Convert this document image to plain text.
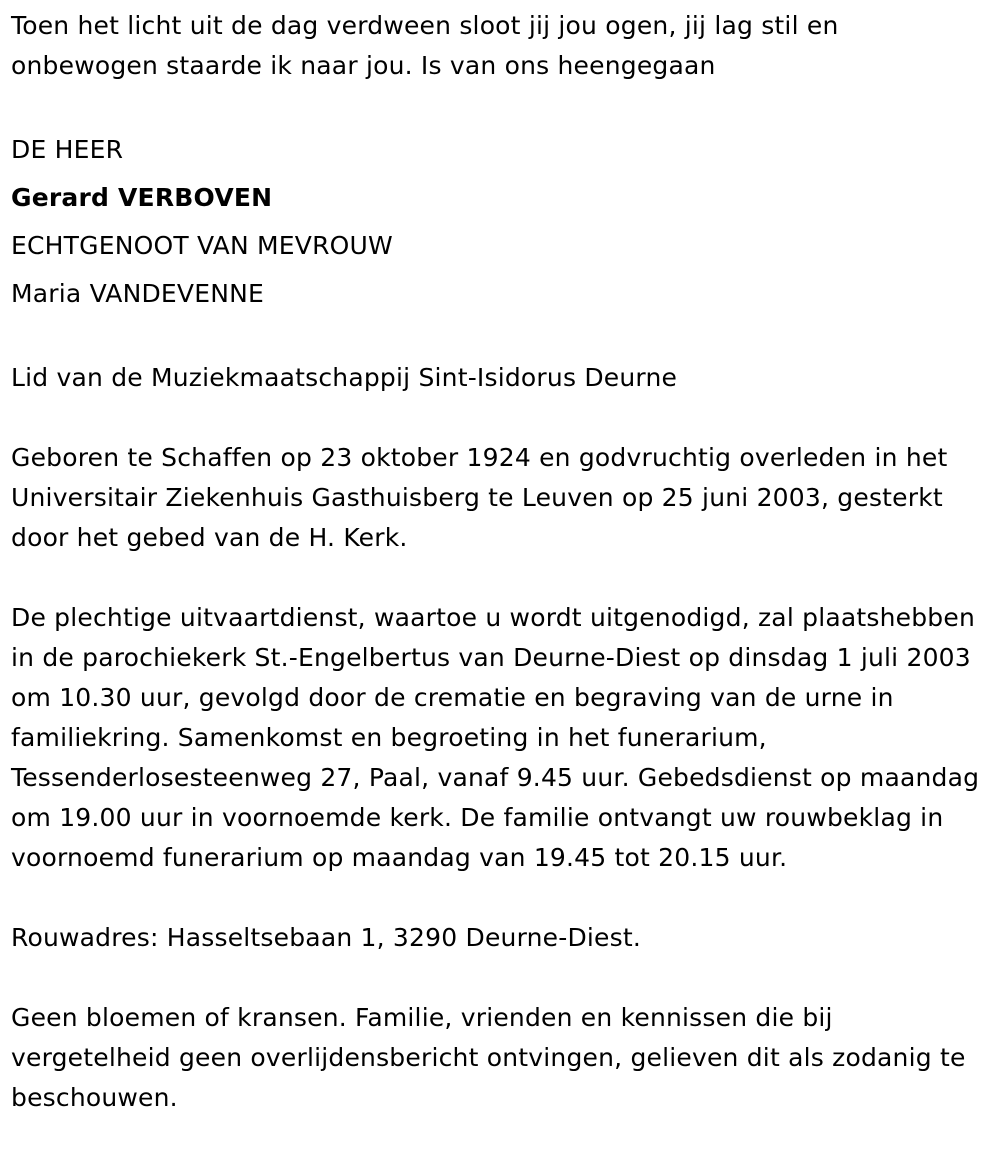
Toen het licht uit de dag verdween sloot jij jou ogen, jij lag stil en onbewogen staarde ik naar jou. Is van ons heengegaan

DE HEER

Gerard VERBOVEN

ECHTGENOOT VAN MEVROUW

Maria VANDEVENNE

Lid van de Muziekmaatschappij Sint-Isidorus Deurne

Geboren te Schaffen op 23 oktober 1924 en godvruchtig overleden in het Universitair Ziekenhuis Gasthuisberg te Leuven op 25 juni 2003, gesterkt door het gebed van de H. Kerk.

De plechtige uitvaartdienst, waartoe u wordt uitgenodigd, zal plaatshebben in de parochiekerk St.-Engelbertus van Deurne-Diest op dinsdag 1 juli 2003 om 10.30 uur, gevolgd door de crematie en begraving van de urne in familiekring. Samenkomst en begroeting in het funerarium, Tessenderlosesteenweg 27, Paal, vanaf 9.45 uur. Gebedsdienst op maandag om 19.00 uur in voornoemde kerk. De familie ontvangt uw rouwbeklag in voornoemd funerarium op maandag van 19.45 tot 20.15 uur.

Rouwadres: Hasseltsebaan 1, 3290 Deurne-Diest.

Geen bloemen of kransen. Familie, vrienden en kennissen die bij vergetelheid geen overlijdensbericht ontvingen, gelieven dit als zodanig te beschouwen.
